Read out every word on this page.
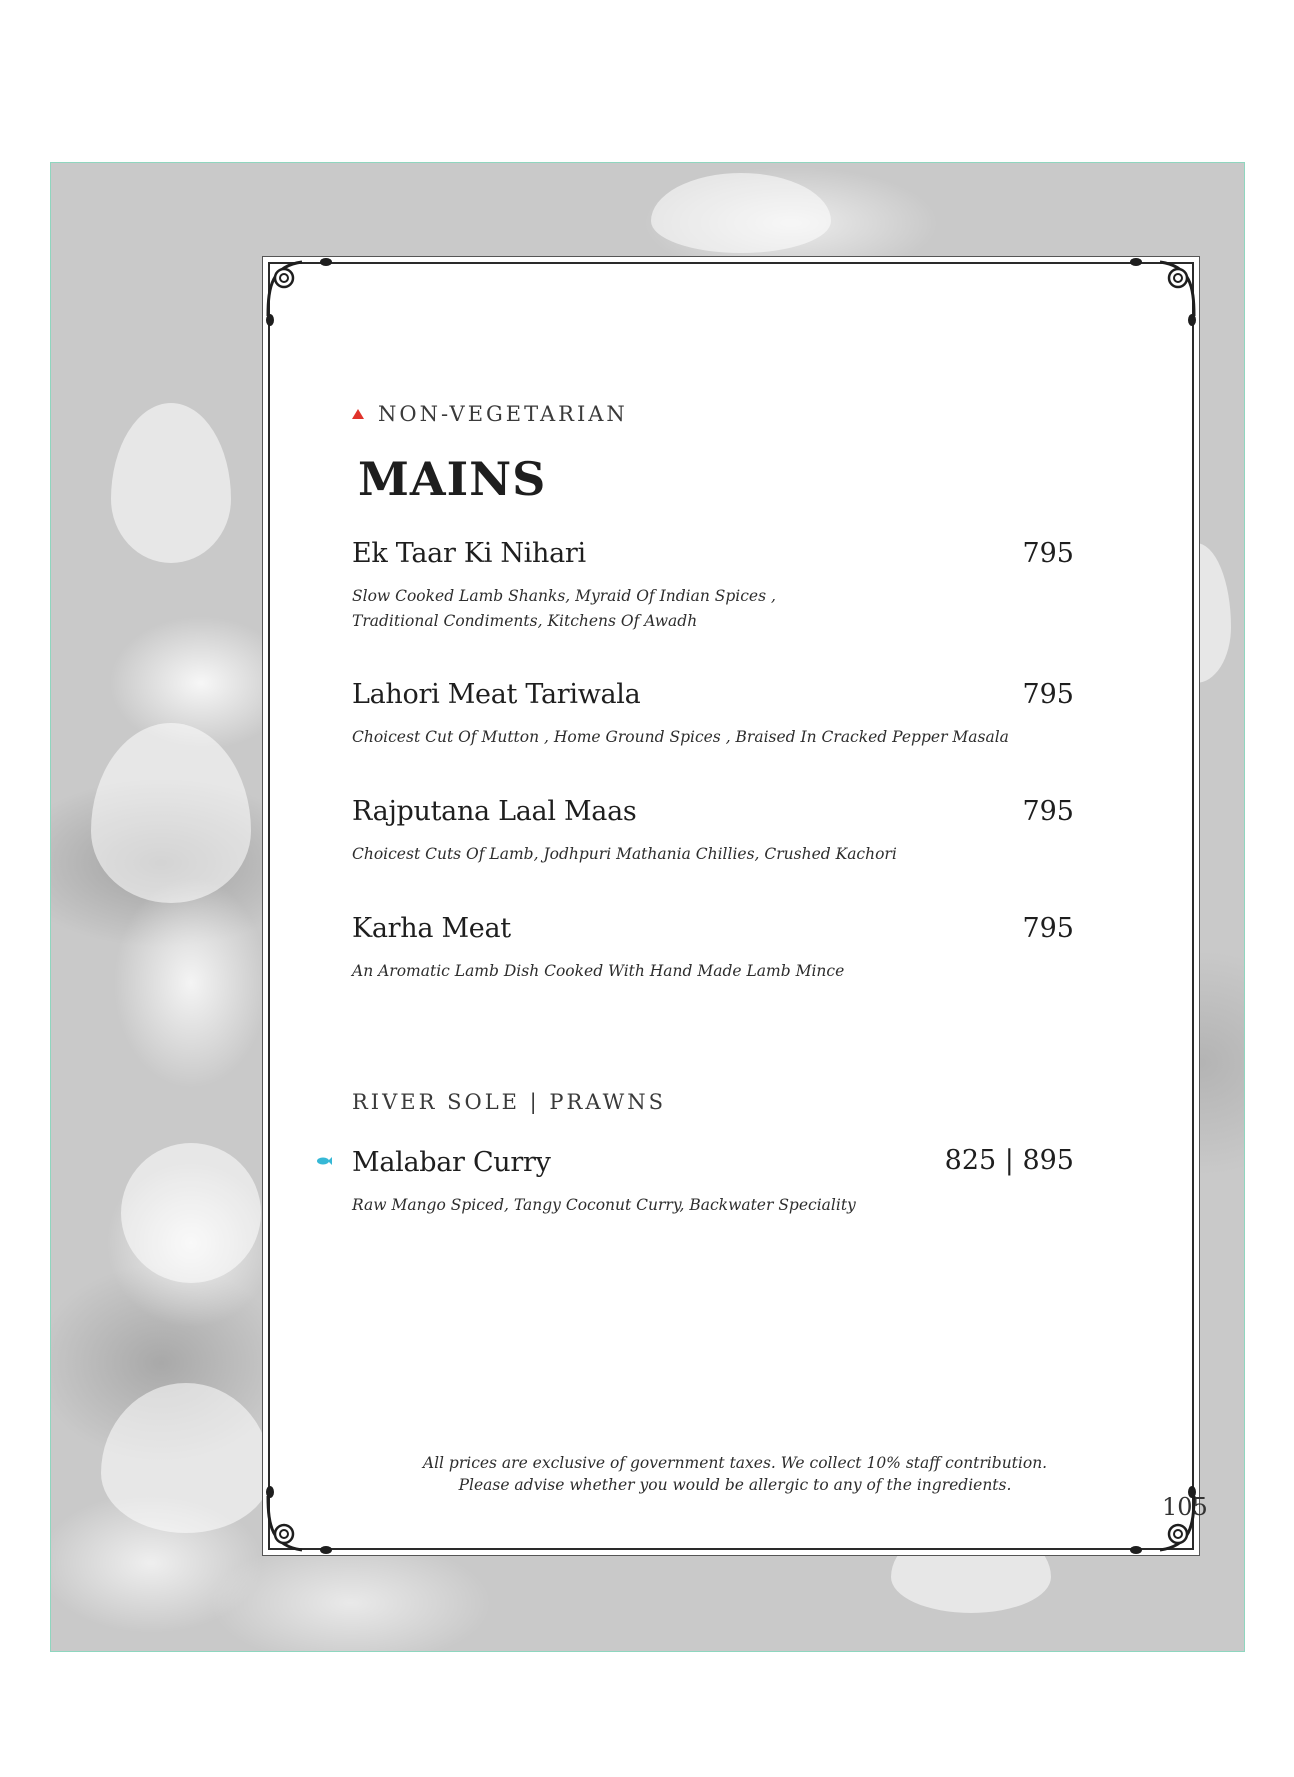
NON-VEGETARIAN
MAINS
Ek Taar Ki Nihari	795
Slow Cooked Lamb Shanks, Myraid Of Indian Spices ,
Traditional Condiments, Kitchens Of Awadh
Lahori Meat Tariwala	795
Choicest Cut Of Mutton , Home Ground Spices , Braised In Cracked Pepper Masala
Rajputana Laal Maas	795
Choicest Cuts Of Lamb, Jodhpuri Mathania Chillies, Crushed Kachori
Karha Meat	795
An Aromatic Lamb Dish Cooked With Hand Made Lamb Mince
RIVER SOLE | PRAWNS
Malabar Curry	825 | 895
Raw Mango Spiced, Tangy Coconut Curry, Backwater Speciality
All prices are exclusive of government taxes. We collect 10% staff contribution.
Please advise whether you would be allergic to any of the ingredients.
105
